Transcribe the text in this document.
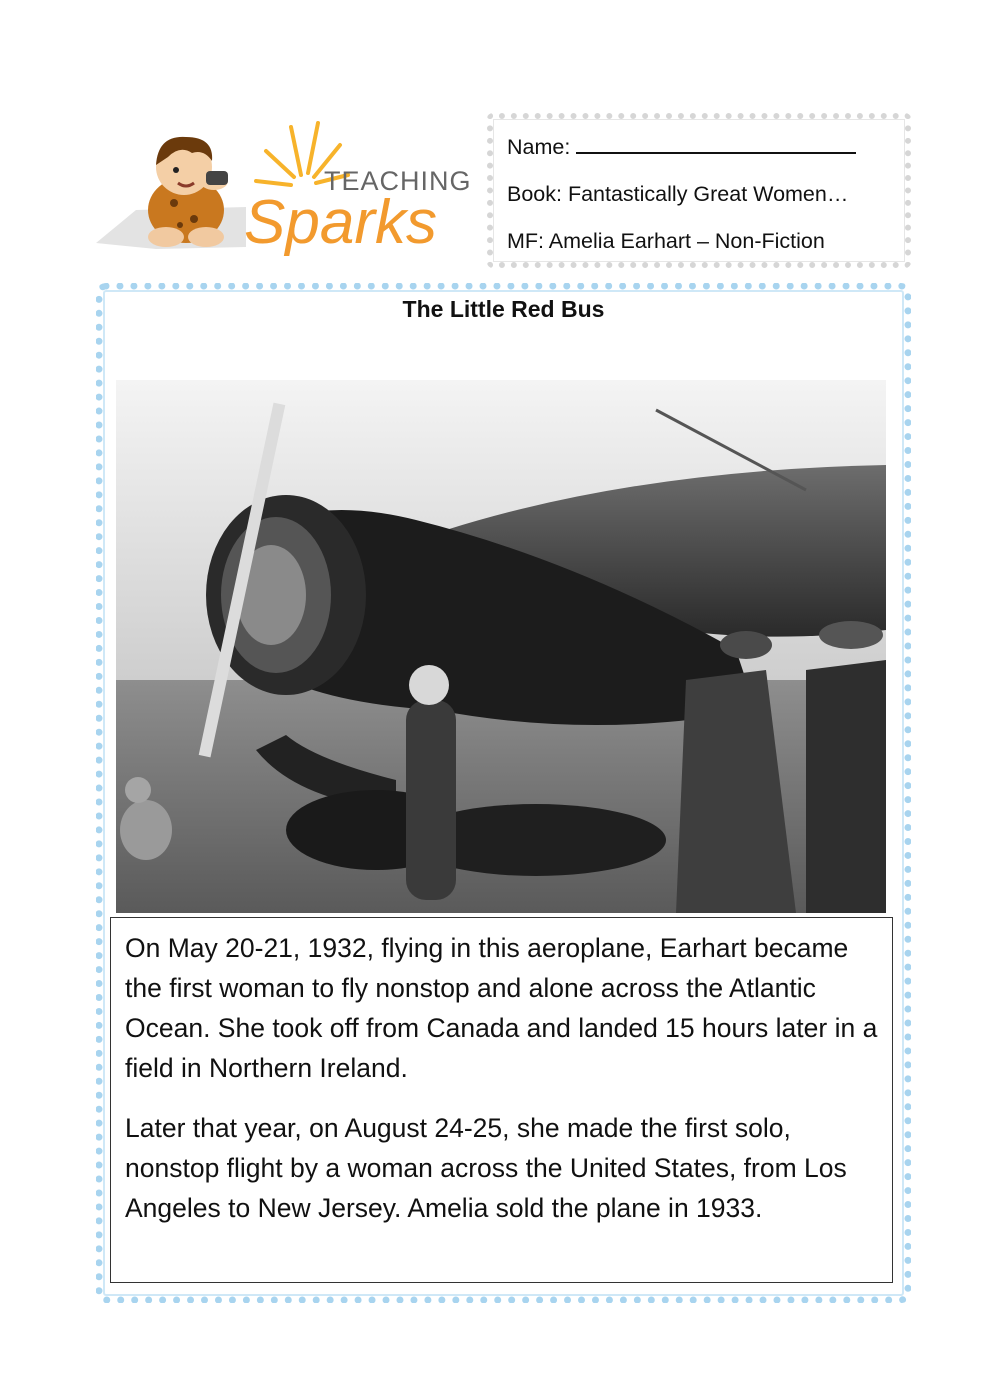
TEACHING
Sparks
Name:
Book: Fantastically Great Women…
MF: Amelia Earhart – Non-Fiction
The Little Red Bus

On May 20-21, 1932, flying in this aeroplane, Earhart became the first woman to fly nonstop and alone across the Atlantic Ocean. She took off from Canada and landed 15 hours later in a field in Northern Ireland.

Later that year, on August 24-25, she made the first solo, nonstop flight by a woman across the United States, from Los Angeles to New Jersey. Amelia sold the plane in 1933.
